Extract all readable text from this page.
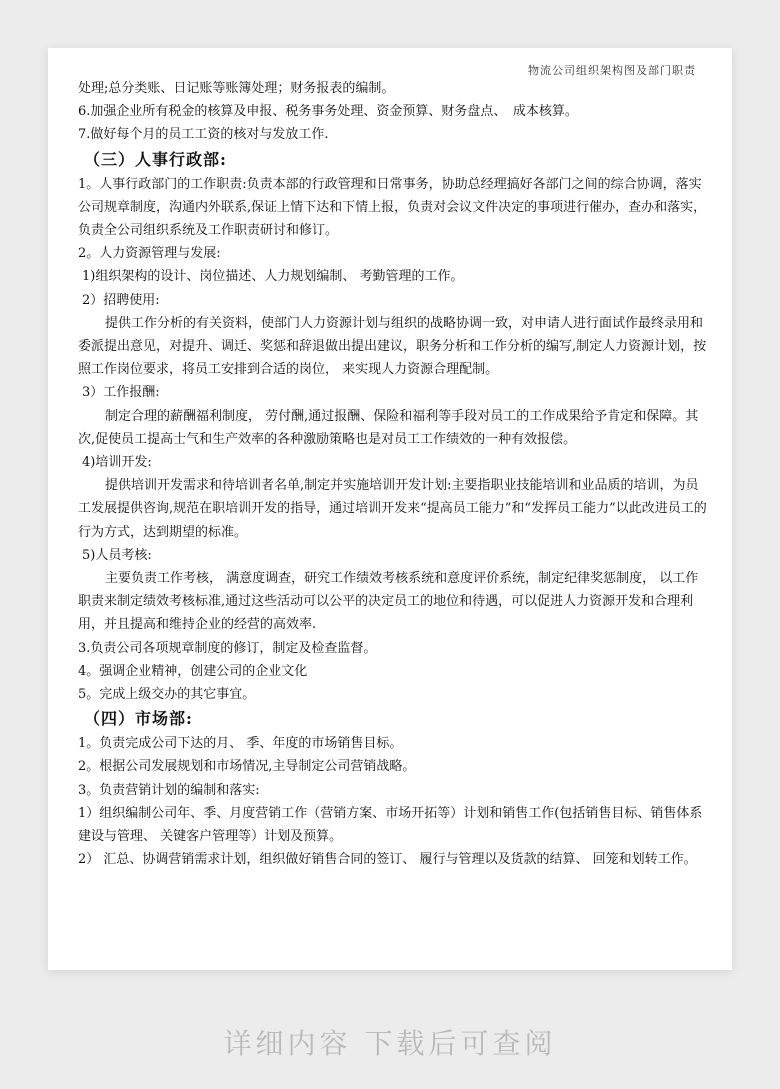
物流公司组织架构图及部门职责

处理;总分类账、日记账等账簿处理；财务报表的编制。

6.加强企业所有税金的核算及申报、税务事务处理、资金预算、财务盘点、　成本核算。

7.做好每个月的员工工资的核对与发放工作.

（三）人事行政部:

1。人事行政部门的工作职责:负责本部的行政管理和日常事务，协助总经理搞好各部门之间的综合协调，落实公司规章制度，沟通内外联系,保证上情下达和下情上报，负责对会议文件决定的事项进行催办，查办和落实，负责全公司组织系统及工作职责研讨和修订。

2。人力资源管理与发展:

1)组织架构的设计、岗位描述、人力规划编制、 考勤管理的工作。

2）招聘使用:

提供工作分析的有关资料，使部门人力资源计划与组织的战略协调一致，对申请人进行面试作最终录用和委派提出意见，对提升、调迁、奖惩和辞退做出提出建议，职务分析和工作分析的编写,制定人力资源计划，按照工作岗位要求，将员工安排到合适的岗位， 来实现人力资源合理配制。

3）工作报酬:

制定合理的薪酬福利制度， 劳付酬,通过报酬、保险和福利等手段对员工的工作成果给予肯定和保障。其次,促使员工提高士气和生产效率的各种激励策略也是对员工工作绩效的一种有效报偿。

4)培训开发:

提供培训开发需求和待培训者名单,制定并实施培训开发计划:主要指职业技能培训和业品质的培训，为员工发展提供咨询,规范在职培训开发的指导，通过培训开发来“提高员工能力”和“发挥员工能力”以此改进员工的行为方式，达到期望的标准。

5)人员考核:

主要负责工作考核， 满意度调查，研究工作绩效考核系统和意度评价系统，制定纪律奖惩制度， 以工作职责来制定绩效考核标准,通过这些活动可以公平的决定员工的地位和待遇，可以促进人力资源开发和合理利用，并且提高和维持企业的经营的高效率.

3.负责公司各项规章制度的修订，制定及检查监督。

4。强调企业精神，创建公司的企业文化

5。完成上级交办的其它事宜。

（四）市场部:

1。负责完成公司下达的月、 季、年度的市场销售目标。

2。根据公司发展规划和市场情况,主导制定公司营销战略。

3。负责营销计划的编制和落实:

1）组织编制公司年、季、月度营销工作（营销方案、市场开拓等）计划和销售工作(包括销售目标、销售体系建设与管理、 关键客户管理等）计划及预算。

2） 汇总、协调营销需求计划，组织做好销售合同的签订、 履行与管理以及货款的结算、 回笼和划转工作。

详细内容 下载后可查阅
